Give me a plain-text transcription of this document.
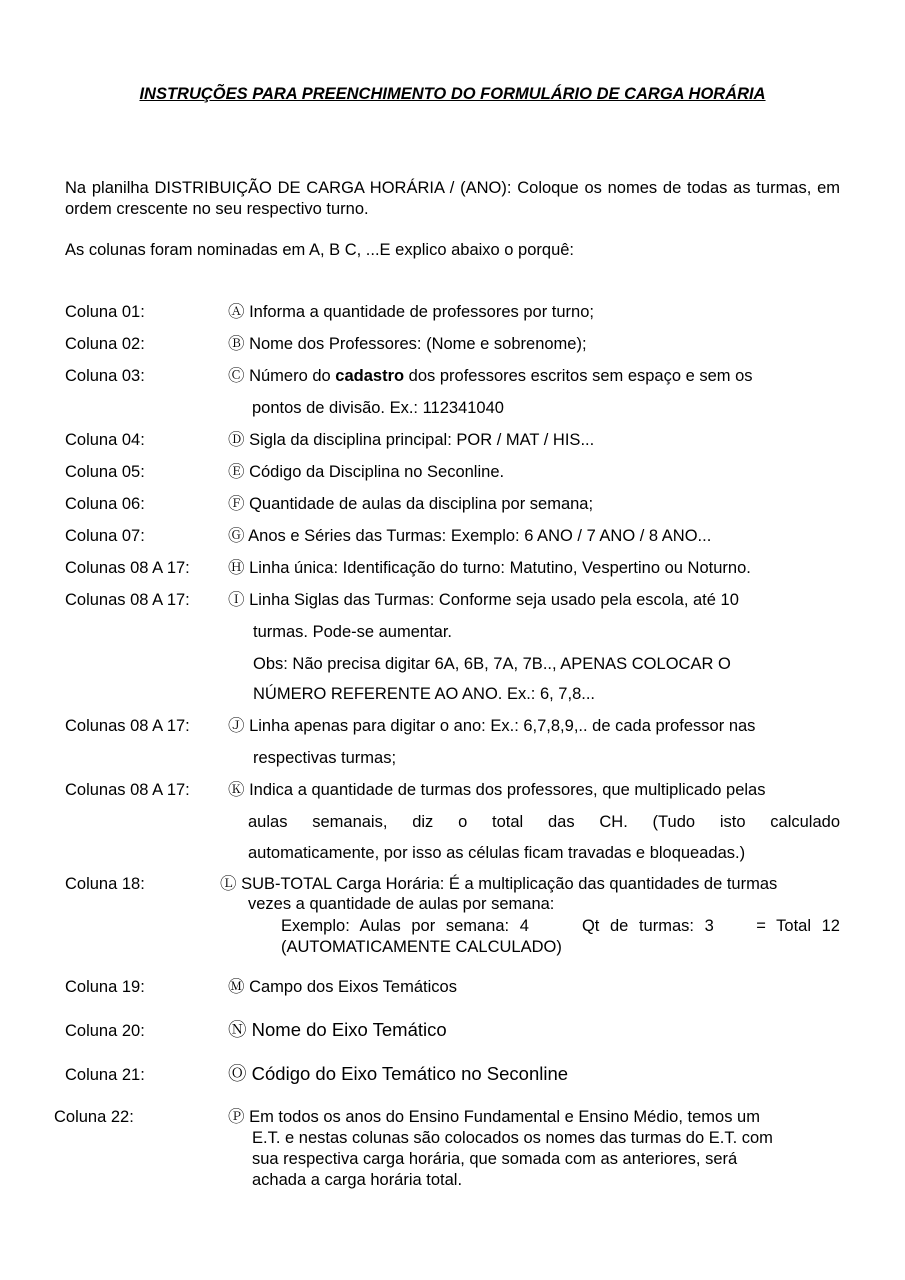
INSTRUÇÕES PARA PREENCHIMENTO DO FORMULÁRIO DE CARGA HORÁRIA
Na planilha DISTRIBUIÇÃO DE CARGA HORÁRIA / (ANO): Coloque os nomes de todas as turmas, em ordem crescente no seu respectivo turno.
As colunas foram nominadas em A, B C, ...E explico abaixo o porquê:
Coluna 01:	Ⓐ Informa a quantidade de professores por turno;
Coluna 02:	Ⓑ Nome dos Professores: (Nome e sobrenome);
Coluna 03:	Ⓒ Número do cadastro dos professores escritos sem espaço e sem os
pontos de divisão. Ex.: 112341040
Coluna 04:	Ⓓ Sigla da disciplina principal: POR / MAT / HIS...
Coluna 05:	Ⓔ Código da Disciplina no Seconline.
Coluna 06:	Ⓕ Quantidade de aulas da disciplina por semana;
Coluna 07:	Ⓖ Anos e Séries das Turmas: Exemplo: 6 ANO / 7 ANO / 8 ANO...
Colunas 08 A 17: Ⓗ Linha única: Identificação do turno: Matutino, Vespertino ou Noturno.
Colunas 08 A 17: Ⓘ Linha Siglas das Turmas: Conforme seja usado pela escola, até 10
turmas. Pode-se aumentar.
Obs: Não precisa digitar 6A, 6B, 7A, 7B.., APENAS COLOCAR O
NÚMERO REFERENTE AO ANO. Ex.: 6, 7,8...
Colunas 08 A 17: Ⓙ Linha apenas para digitar o ano: Ex.: 6,7,8,9,.. de cada professor nas
respectivas turmas;
Colunas 08 A 17: Ⓚ Indica a quantidade de turmas dos professores, que multiplicado pelas
aulas semanais, diz o total das CH. (Tudo isto calculado
automaticamente, por isso as células ficam travadas e bloqueadas.)
Coluna 18:	Ⓛ SUB-TOTAL Carga Horária: É a multiplicação das quantidades de turmas
vezes a quantidade de aulas por semana:
Exemplo: Aulas por semana: 4     Qt de turmas: 3    = Total 12
(AUTOMATICAMENTE CALCULADO)
Coluna 19:	Ⓜ Campo dos Eixos Temáticos
Coluna 20:	Ⓝ Nome do Eixo Temático
Coluna 21:	Ⓞ Código do Eixo Temático no Seconline
Coluna 22:	Ⓟ Em todos os anos do Ensino Fundamental e Ensino Médio, temos um
E.T. e nestas colunas são colocados os nomes das turmas do E.T. com
sua respectiva carga horária, que somada com as anteriores, será
achada a carga horária total.
